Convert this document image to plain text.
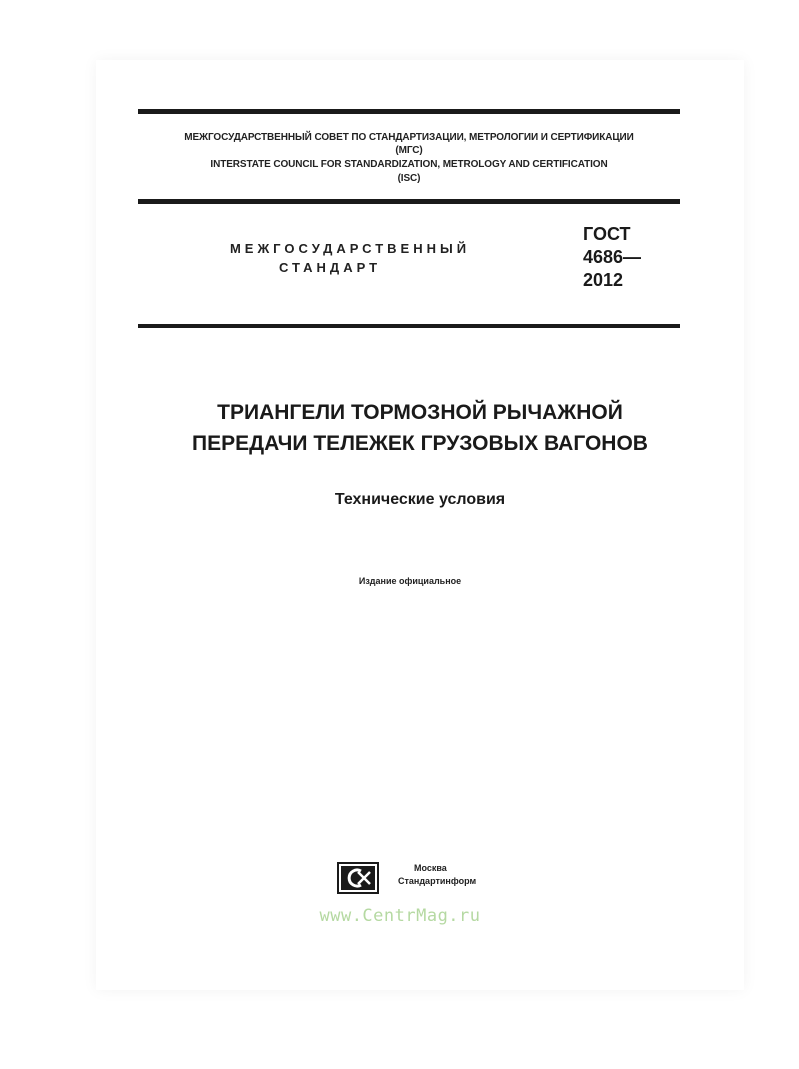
МЕЖГОСУДАРСТВЕННЫЙ СОВЕТ ПО СТАНДАРТИЗАЦИИ, МЕТРОЛОГИИ И СЕРТИФИКАЦИИ
(МГС)
INTERSTATE COUNCIL FOR STANDARDIZATION, METROLOGY AND CERTIFICATION
(ISC)
МЕЖГОСУДАРСТВЕННЫЙ
СТАНДАРТ
ГОСТ
4686—
2012
ТРИАНГЕЛИ ТОРМОЗНОЙ РЫЧАЖНОЙ
ПЕРЕДАЧИ ТЕЛЕЖЕК ГРУЗОВЫХ ВАГОНОВ
Технические условия
Издание официальное
Москва
Стандартинформ
www.CentrMag.ru
